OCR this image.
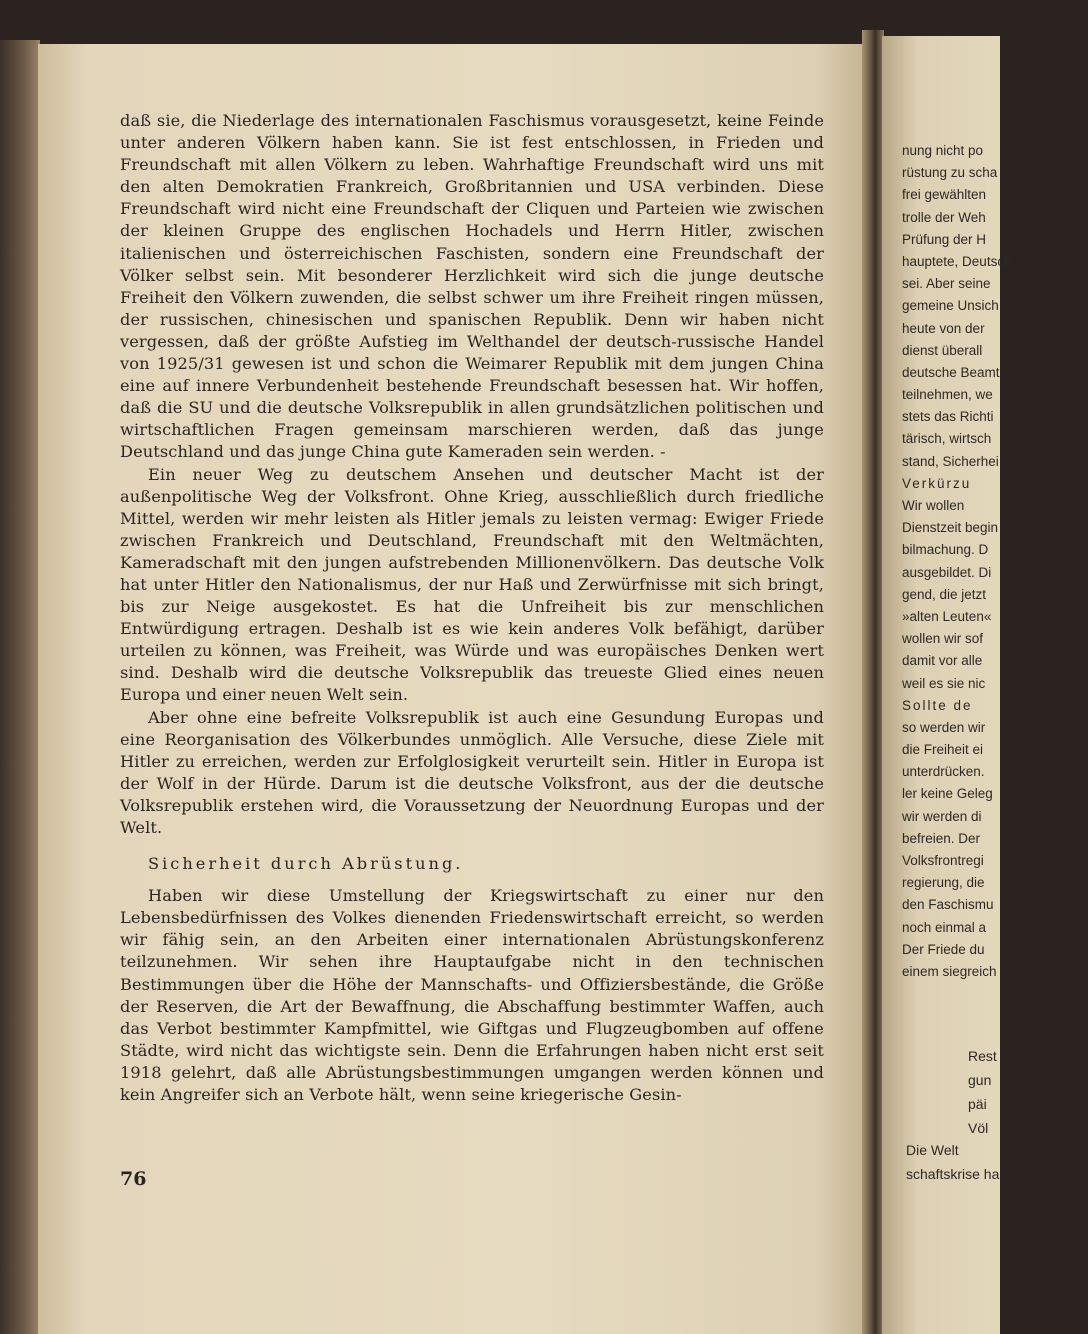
daß sie, die Niederlage des internationalen Faschismus vorausgesetzt, keine Feinde unter anderen Völkern haben kann. Sie ist fest entschlossen, in Frieden und Freundschaft mit allen Völkern zu leben. Wahrhaftige Freundschaft wird uns mit den alten Demokratien Frankreich, Großbritannien und USA verbinden. Diese Freundschaft wird nicht eine Freundschaft der Cliquen und Parteien wie zwischen der kleinen Gruppe des englischen Hochadels und Herrn Hitler, zwischen italienischen und österreichischen Faschisten, sondern eine Freundschaft der Völker selbst sein. Mit besonderer Herzlichkeit wird sich die junge deutsche Freiheit den Völkern zuwenden, die selbst schwer um ihre Freiheit ringen müssen, der russischen, chinesischen und spanischen Republik. Denn wir haben nicht vergessen, daß der größte Aufstieg im Welthandel der deutsch-russische Handel von 1925/31 gewesen ist und schon die Weimarer Republik mit dem jungen China eine auf innere Verbundenheit bestehende Freundschaft besessen hat. Wir hoffen, daß die SU und die deutsche Volksrepublik in allen grundsätzlichen politischen und wirtschaftlichen Fragen gemeinsam marschieren werden, daß das junge Deutschland und das junge China gute Kameraden sein werden. -

Ein neuer Weg zu deutschem Ansehen und deutscher Macht ist der außenpolitische Weg der Volksfront. Ohne Krieg, ausschließlich durch friedliche Mittel, werden wir mehr leisten als Hitler jemals zu leisten vermag: Ewiger Friede zwischen Frankreich und Deutschland, Freundschaft mit den Weltmächten, Kameradschaft mit den jungen aufstrebenden Millionenvölkern. Das deutsche Volk hat unter Hitler den Nationalismus, der nur Haß und Zerwürfnisse mit sich bringt, bis zur Neige ausgekostet. Es hat die Unfreiheit bis zur menschlichen Entwürdigung ertragen. Deshalb ist es wie kein anderes Volk befähigt, darüber urteilen zu können, was Freiheit, was Würde und was europäisches Denken wert sind. Deshalb wird die deutsche Volksrepublik das treueste Glied eines neuen Europa und einer neuen Welt sein.

Aber ohne eine befreite Volksrepublik ist auch eine Gesundung Europas und eine Reorganisation des Völkerbundes unmöglich. Alle Versuche, diese Ziele mit Hitler zu erreichen, werden zur Erfolglosigkeit verurteilt sein. Hitler in Europa ist der Wolf in der Hürde. Darum ist die deutsche Volksfront, aus der die deutsche Volksrepublik erstehen wird, die Voraussetzung der Neuordnung Europas und der Welt.

Sicherheit durch Abrüstung.

Haben wir diese Umstellung der Kriegswirtschaft zu einer nur den Lebensbedürfnissen des Volkes dienenden Friedenswirtschaft erreicht, so werden wir fähig sein, an den Arbeiten einer internationalen Abrüstungskonferenz teilzunehmen. Wir sehen ihre Hauptaufgabe nicht in den technischen Bestimmungen über die Höhe der Mannschafts- und Offiziersbestände, die Größe der Reserven, die Art der Bewaffnung, die Abschaffung bestimmter Waffen, auch das Verbot bestimmter Kampfmittel, wie Giftgas und Flugzeugbomben auf offene Städte, wird nicht das wichtigste sein. Denn die Erfahrungen haben nicht erst seit 1918 gelehrt, daß alle Abrüstungsbestimmungen umgangen werden können und kein Angreifer sich an Verbote hält, wenn seine kriegerische Gesin-

76
nung nicht po
rüstung zu scha
frei gewählten
trolle der Weh
Prüfung der H
hauptete, Deutsch
sei. Aber seine
gemeine Unsich
heute von der
dienst überall
deutsche Beamt
teilnehmen, we
stets das Richti
tärisch, wirtsch
stand, Sicherhei
Verkürzu
Wir wollen
Dienstzeit begin
bilmachung. D
ausgebildet. Di
gend, die jetzt
»alten Leuten«
wollen wir sof
damit vor alle
weil es sie nic
Sollte de
so werden wir
die Freiheit ei
unterdrücken.
ler keine Geleg
wir werden di
befreien. Der
Volksfrontregi
regierung, die
den Faschismu
noch einmal a
Der Friede du
einem siegreich
Rest
gun
päi
Völ
Die Welt
schaftskrise ha
